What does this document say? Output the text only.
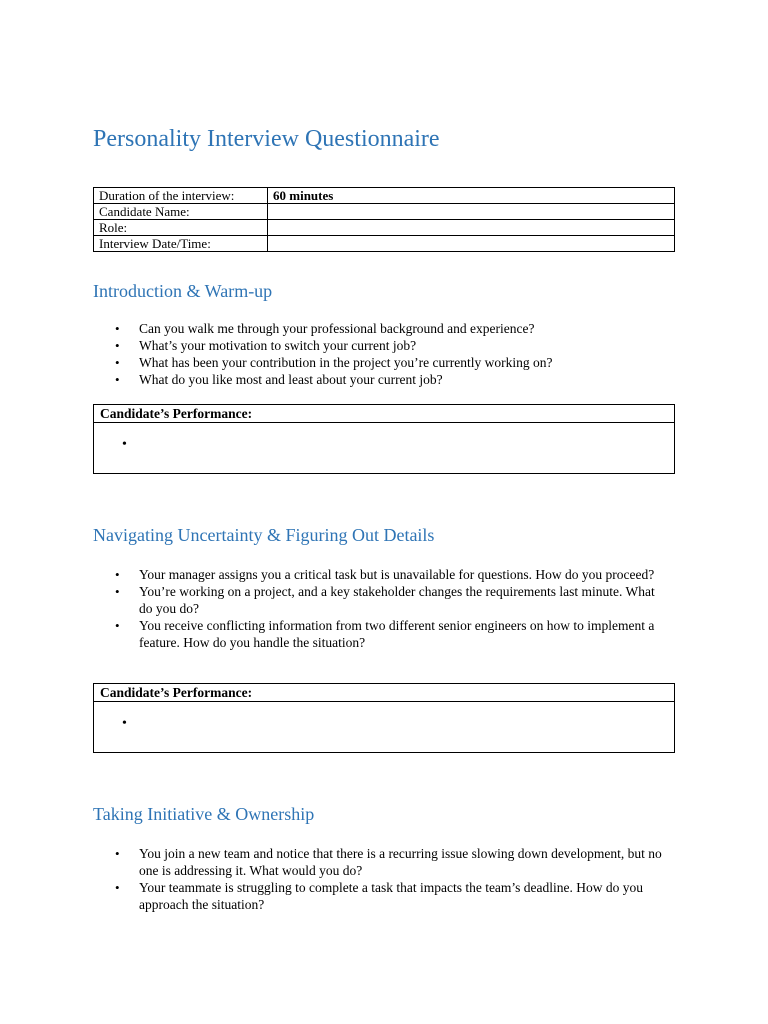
Personality Interview Questionnaire
Duration of the interview:	60 minutes
Candidate Name:	
Role:	
Interview Date/Time:	
Introduction & Warm-up
• Can you walk me through your professional background and experience?
• What’s your motivation to switch your current job?
• What has been your contribution in the project you’re currently working on?
• What do you like most and least about your current job?
Candidate’s Performance:
•
Navigating Uncertainty & Figuring Out Details
• Your manager assigns you a critical task but is unavailable for questions. How do you proceed?
• You’re working on a project, and a key stakeholder changes the requirements last minute. What do you do?
• You receive conflicting information from two different senior engineers on how to implement a feature. How do you handle the situation?
Candidate’s Performance:
•
Taking Initiative & Ownership
• You join a new team and notice that there is a recurring issue slowing down development, but no one is addressing it. What would you do?
• Your teammate is struggling to complete a task that impacts the team’s deadline. How do you approach the situation?
